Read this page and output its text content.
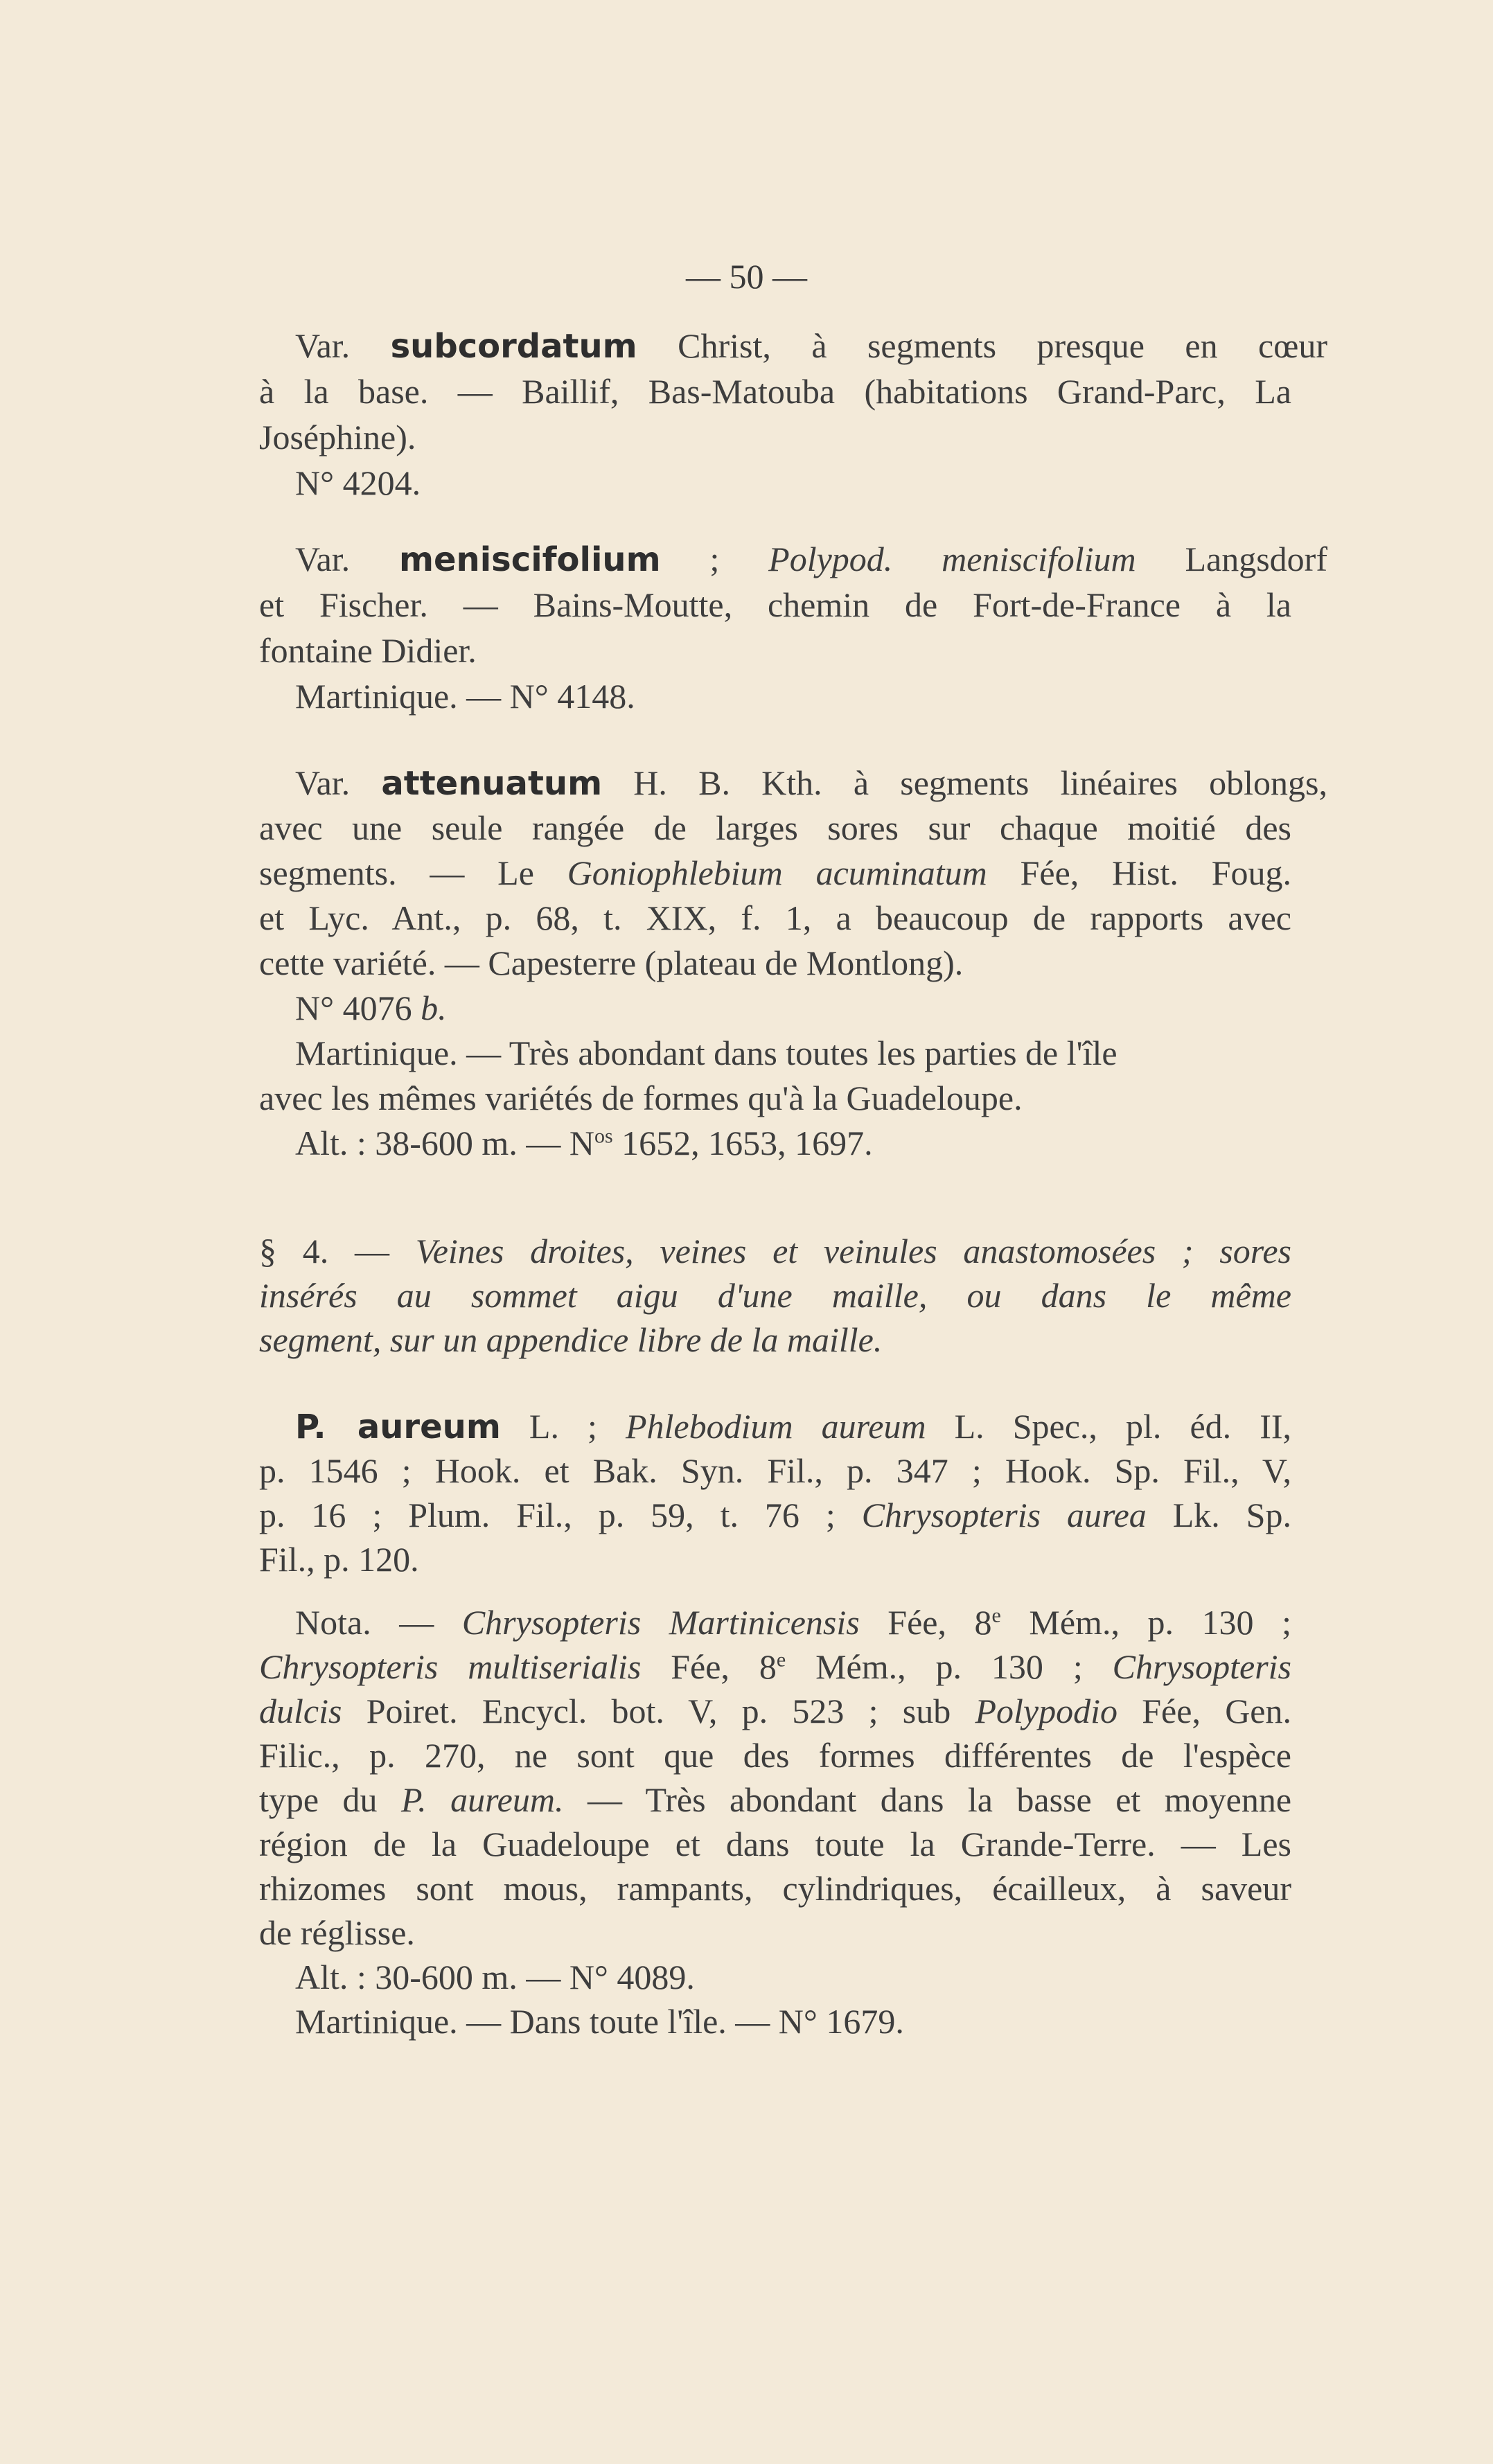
— 50 —
Var. subcordatum Christ, à segments presque en cœur
à la base. — Baillif, Bas-Matouba (habitations Grand-Parc, La
Joséphine).
N° 4204.
Var. meniscifolium ; Polypod. meniscifolium Langsdorf
et Fischer. — Bains-Moutte, chemin de Fort-de-France à la
fontaine Didier.
Martinique. — N° 4148.
Var. attenuatum H. B. Kth. à segments linéaires oblongs,
avec une seule rangée de larges sores sur chaque moitié des
segments. — Le Goniophlebium acuminatum Fée, Hist. Foug.
et Lyc. Ant., p. 68, t. XIX, f. 1, a beaucoup de rapports avec
cette variété. — Capesterre (plateau de Montlong).
N° 4076 b.
Martinique. — Très abondant dans toutes les parties de l'île
avec les mêmes variétés de formes qu'à la Guadeloupe.
Alt. : 38-600 m. — $N^{os}$ 1652, 1653, 1697.
§ 4. — Veines droites, veines et veinules anastomosées ; sores
insérés au sommet aigu d'une maille, ou dans le même
segment, sur un appendice libre de la maille.
P. aureum L. ; Phlebodium aureum L. Spec., pl. éd. II,
p. 1546 ; Hook. et Bak. Syn. Fil., p. 347 ; Hook. Sp. Fil., V,
p. 16 ; Plum. Fil., p. 59, t. 76 ; Chrysopteris aurea Lk. Sp.
Fil., p. 120.
Nota. — Chrysopteris Martinicensis Fée, 8e Mém., p. 130 ;
Chrysopteris multiserialis Fée, 8e Mém., p. 130 ; Chrysopteris
dulcis Poiret. Encycl. bot. V, p. 523 ; sub Polypodio Fée, Gen.
Filic., p. 270, ne sont que des formes différentes de l'espèce
type du P. aureum. — Très abondant dans la basse et moyenne
région de la Guadeloupe et dans toute la Grande-Terre. — Les
rhizomes sont mous, rampants, cylindriques, écailleux, à saveur
de réglisse.
Alt. : 30-600 m. — N° 4089.
Martinique. — Dans toute l'île. — N° 1679.
